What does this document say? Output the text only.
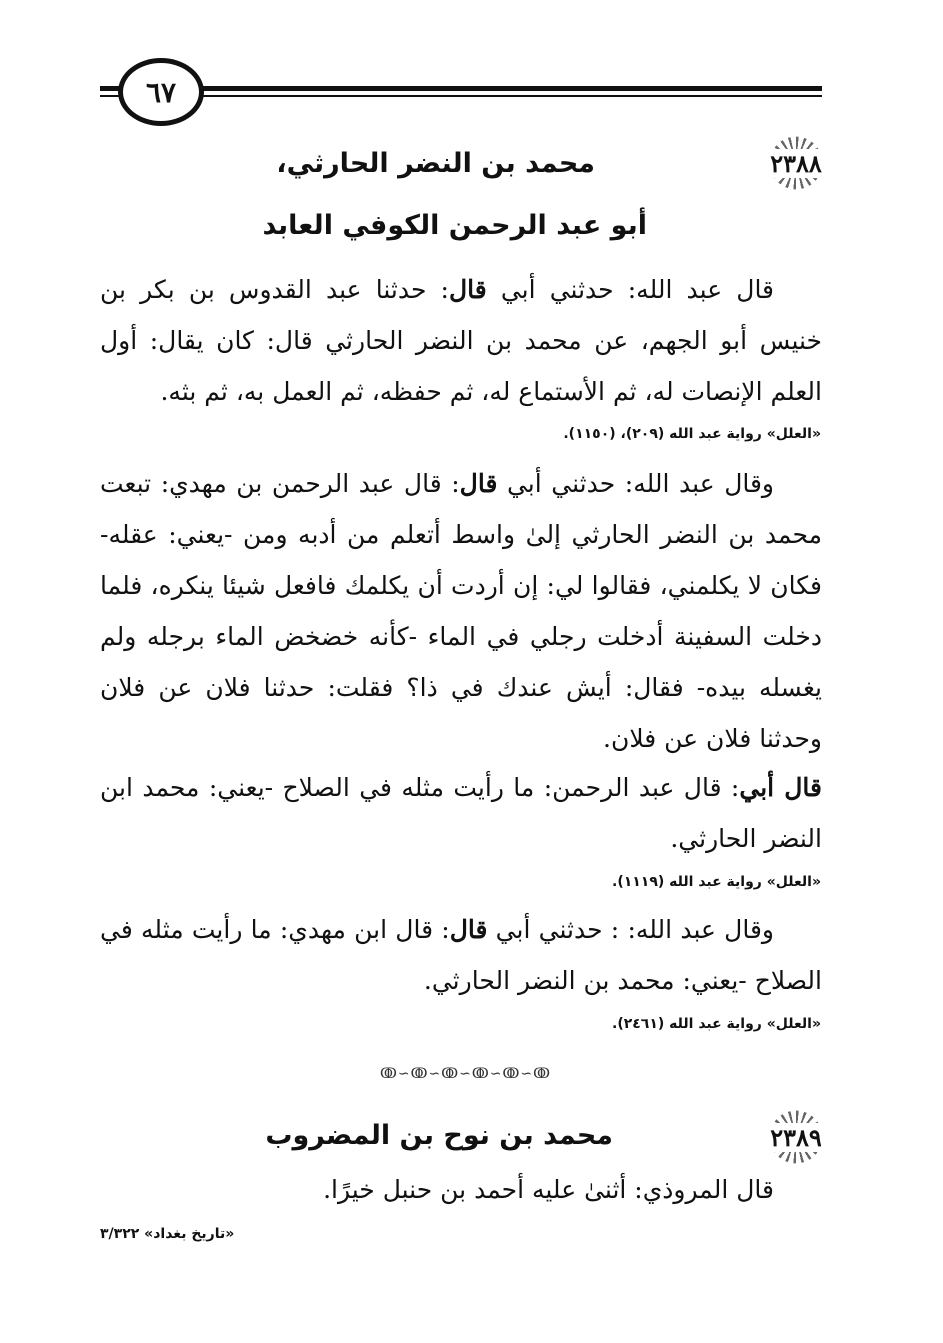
٦٧
٢٣٨٨
محمد بن النضر الحارثي،
أبو عبد الرحمن الكوفي العابد
قال عبد الله: حدثني أبي قال: حدثنا عبد القدوس بن بكر بن خنيس أبو الجهم، عن محمد بن النضر الحارثي قال: كان يقال: أول العلم الإنصات له، ثم الأستماع له، ثم حفظه، ثم العمل به، ثم بثه.
«العلل» رواية عبد الله (٢٠٩)، (١١٥٠).
وقال عبد الله: حدثني أبي قال: قال عبد الرحمن بن مهدي: تبعت محمد بن النضر الحارثي إلىٰ واسط أتعلم من أدبه ومن -يعني: عقله- فكان لا يكلمني، فقالوا لي: إن أردت أن يكلمك فافعل شيئا ينكره، فلما دخلت السفينة أدخلت رجلي في الماء -كأنه خضخض الماء برجله ولم يغسله بيده- فقال: أيش عندك في ذا؟ فقلت: حدثنا فلان عن فلان وحدثنا فلان عن فلان.
قال أبي: قال عبد الرحمن: ما رأيت مثله في الصلاح -يعني: محمد ابن النضر الحارثي.
«العلل» رواية عبد الله (١١١٩).
وقال عبد الله: : حدثني أبي قال: قال ابن مهدي: ما رأيت مثله في الصلاح -يعني: محمد بن النضر الحارثي.
«العلل» رواية عبد الله (٢٤٦١).
ↂ∽ↂ∽ↂ∽ↂ∽ↂ∽ↂ
٢٣٨٩
محمد بن نوح بن المضروب
قال المروذي: أثنىٰ عليه أحمد بن حنبل خيرًا.
«تاريخ بغداد» ٣/٣٢٢
